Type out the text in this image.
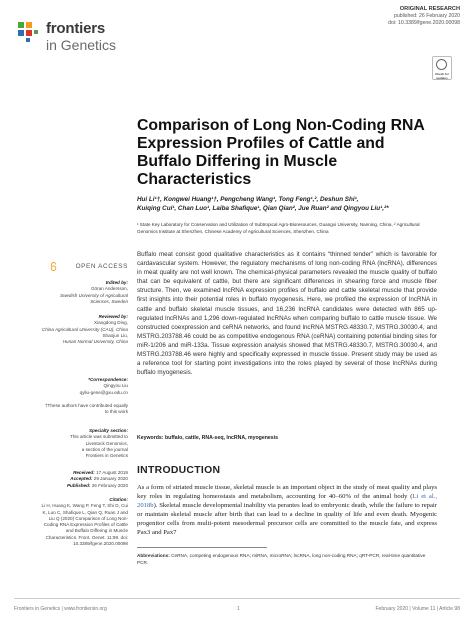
frontiers
in Genetics
ORIGINAL RESEARCH
published: 26 February 2020
doi: 10.3389/fgene.2020.00098
Check for updates
Comparison of Long Non-Coding RNA Expression Profiles of Cattle and Buffalo Differing in Muscle Characteristics
Hui Li¹†, Kongwei Huang¹†, Pengcheng Wang¹, Tong Feng¹,², Deshun Shi¹,
Kuiqing Cui¹, Chan Luo¹, Laiba Shafique¹, Qian Qian², Jue Ruan² and Qingyou Liu¹,²*
¹ State Key Laboratory for Conservation and Utilization of Subtropical Agro-Bioresources, Guangxi University, Nanning, China, ² Agricultural Genomics Institute at Shenzhen, Chinese Academy of Agricultural Sciences, Shenzhen, China
OPEN ACCESS
Edited by:
Göran Andersson,
Swedish University of Agricultural Sciences, Sweden
Reviewed by:
Xiangdong Ding,
China Agricultural University (CAU), China
Shaojun Liu,
Hunan Normal University, China
*Correspondence:
Qingyou Liu
qyliu-gene@gxu.edu.cn
†These authors have contributed equally to this work
Specialty section:
This article was submitted to
Livestock Genomics,
a section of the journal
Frontiers in Genetics
Received: 17 August 2019
Accepted: 29 January 2020
Published: 26 February 2020
Citation:
Li H, Huang K, Wang P, Feng T, Shi D, Cui K, Luo C, Shafique L, Qian Q, Ruan J and Liu Q (2020) Comparison of Long Non-Coding RNA Expression Profiles of Cattle and Buffalo Differing in Muscle Characteristics. Front. Genet. 11:98. doi: 10.3389/fgene.2020.00098
Buffalo meat consist good qualitative characteristics as it contains “thinned tender” which is favorable for cardavascular system. However, the regulatory mechanisms of long non-coding RNA (lncRNA), differences in meat quality are not well known. The chemical-physical parameters revealed the muscle quality of buffalo that can be equivalent of cattle, but there are significant differences in shearing force and muscle fiber structure. Then, we examined lncRNA expression profiles of buffalo and cattle skeletal muscle that provide first insights into their potential roles in buffalo myogenesis. Here, we profiled the expression of lncRNA in cattle and buffalo skeletal muscle tissues, and 16,236 lncRNA candidates were detected with 865 up-regulated lncRNAs and 1,296 down-regulated lncRNAs when comparing buffalo to cattle muscle tissue. We constructed coexpression and ceRNA networks, and found lncRNA MSTRG.48330.7, MSTRG.30030.4, and MSTRG.203788.46 could be as competitive endogenous RNA (ceRNA) containing potential binding sites for miR-1/206 and miR-133a. Tissue expression analysis showed that MSTRG.48330.7, MSTRG.30030.4, and MSTRG.203788.46 were highly and specifically expressed in muscle tissue. Present study may be used as a reference tool for starting point investigations into the roles played by several of those lncRNAs during buffalo myogenesis.
Keywords: buffalo, cattle, RNA-seq, lncRNA, myogenesis
INTRODUCTION
As a form of striated muscle tissue, skeletal muscle is an important object in the study of meat quality and plays key roles in regulating homeostasis and metabolism, accounting for 40–60% of the animal body (Li et al., 2018b). Skeletal muscle developmental inability via perantes lead to embryonic death, while the failure to repair or maintain skeletal muscle after birth that can lead to a decline in quality of life and even death. Myogenic progenitor cells from multi-potent mesodermal precursor cells are committed to the muscle fate, and express Pax3 and Pax7
Abbreviations: CeRNA, competing endogenous RNA; miRNA, microRNA; lncRNA, long non-coding RNA; qRT-PCR, real-time quantitative PCR.
Frontiers in Genetics | www.frontiersin.org	1	February 2020 | Volume 11 | Article 98
